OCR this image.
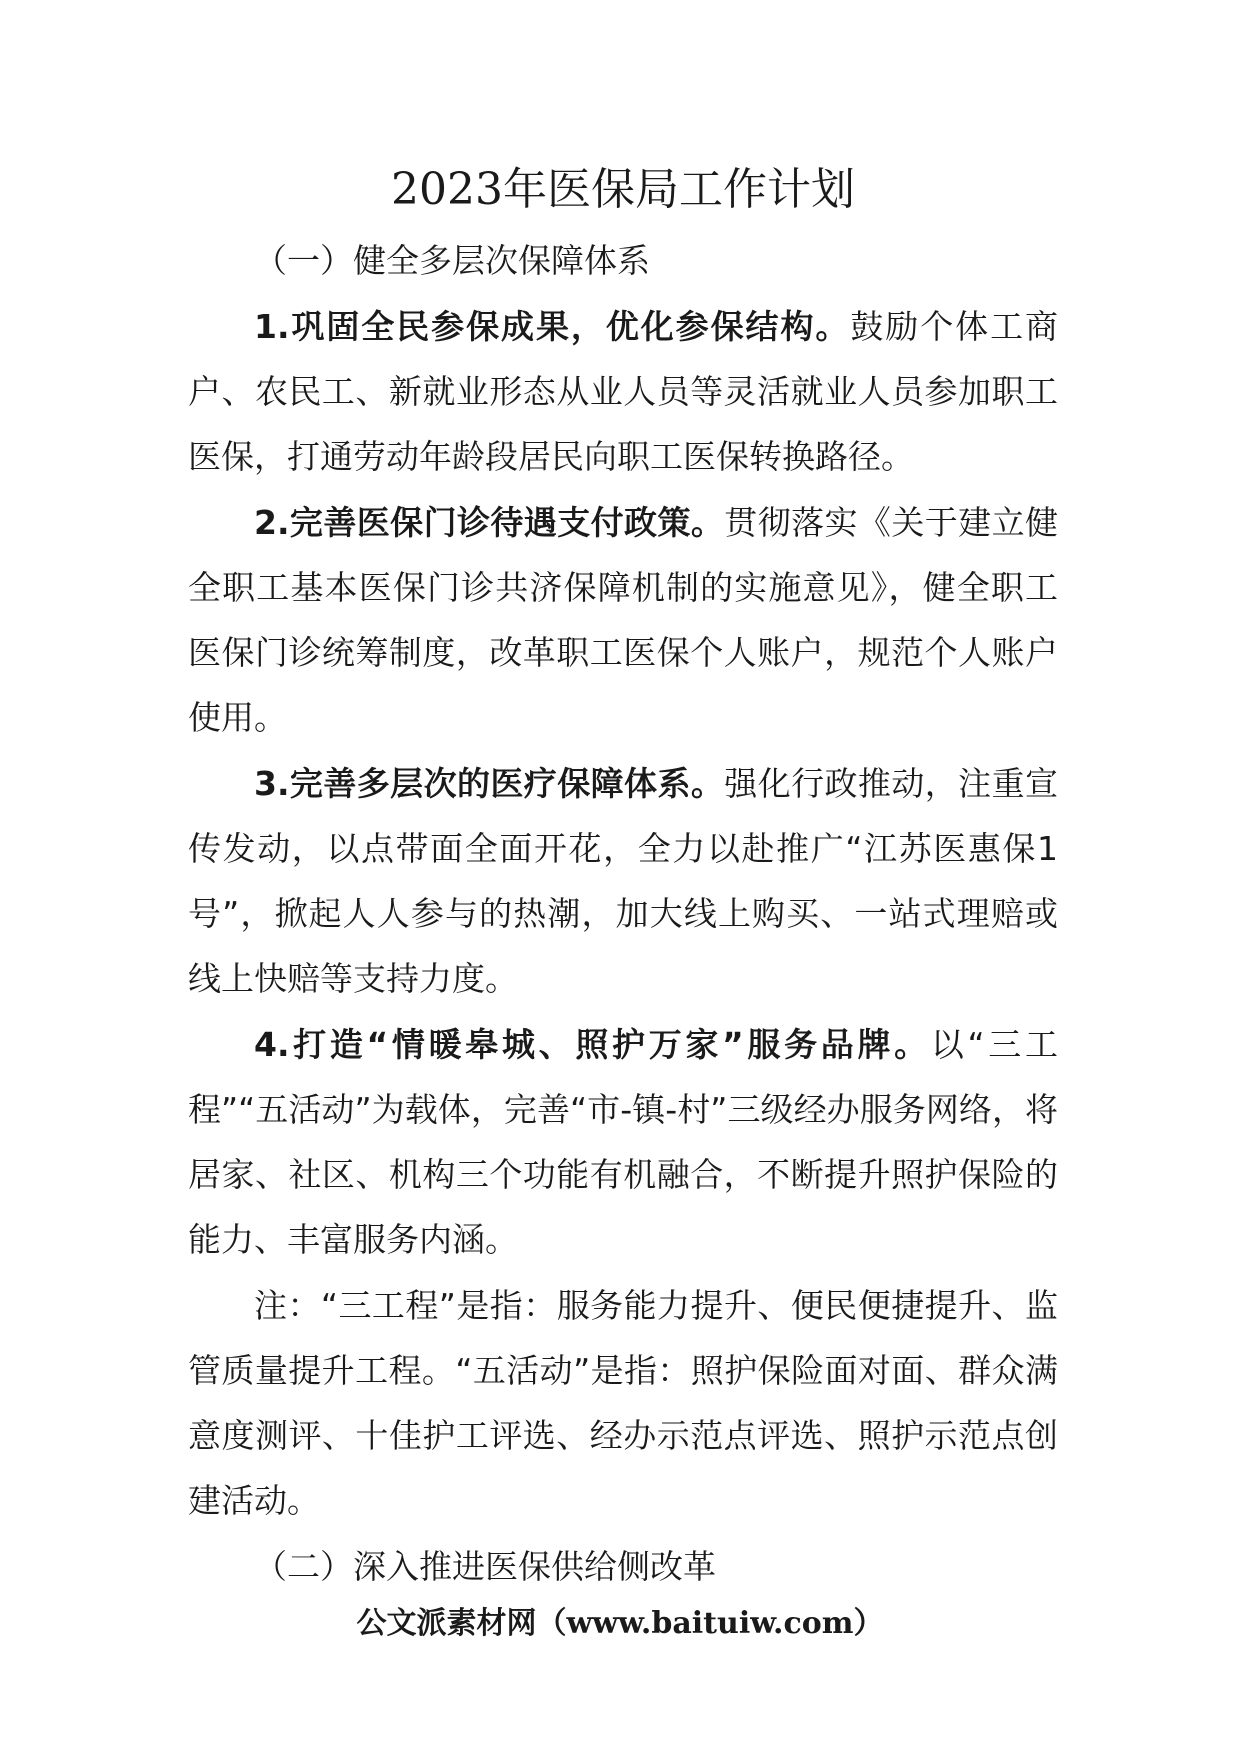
2023年医保局工作计划

（一）健全多层次保障体系

1.巩固全民参保成果，优化参保结构。鼓励个体工商户、农民工、新就业形态从业人员等灵活就业人员参加职工医保，打通劳动年龄段居民向职工医保转换路径。

2.完善医保门诊待遇支付政策。贯彻落实《关于建立健全职工基本医保门诊共济保障机制的实施意见》，健全职工医保门诊统筹制度，改革职工医保个人账户，规范个人账户使用。

3.完善多层次的医疗保障体系。强化行政推动，注重宣传发动，以点带面全面开花，全力以赴推广“江苏医惠保1号”，掀起人人参与的热潮，加大线上购买、一站式理赔或线上快赔等支持力度。

4.打造“情暖皋城、照护万家”服务品牌。以“三工程”“五活动”为载体，完善“市-镇-村”三级经办服务网络，将居家、社区、机构三个功能有机融合，不断提升照护保险的能力、丰富服务内涵。

注：“三工程”是指：服务能力提升、便民便捷提升、监管质量提升工程。“五活动”是指：照护保险面对面、群众满意度测评、十佳护工评选、经办示范点评选、照护示范点创建活动。

（二）深入推进医保供给侧改革

公文派素材网（www.baituiw.com）
